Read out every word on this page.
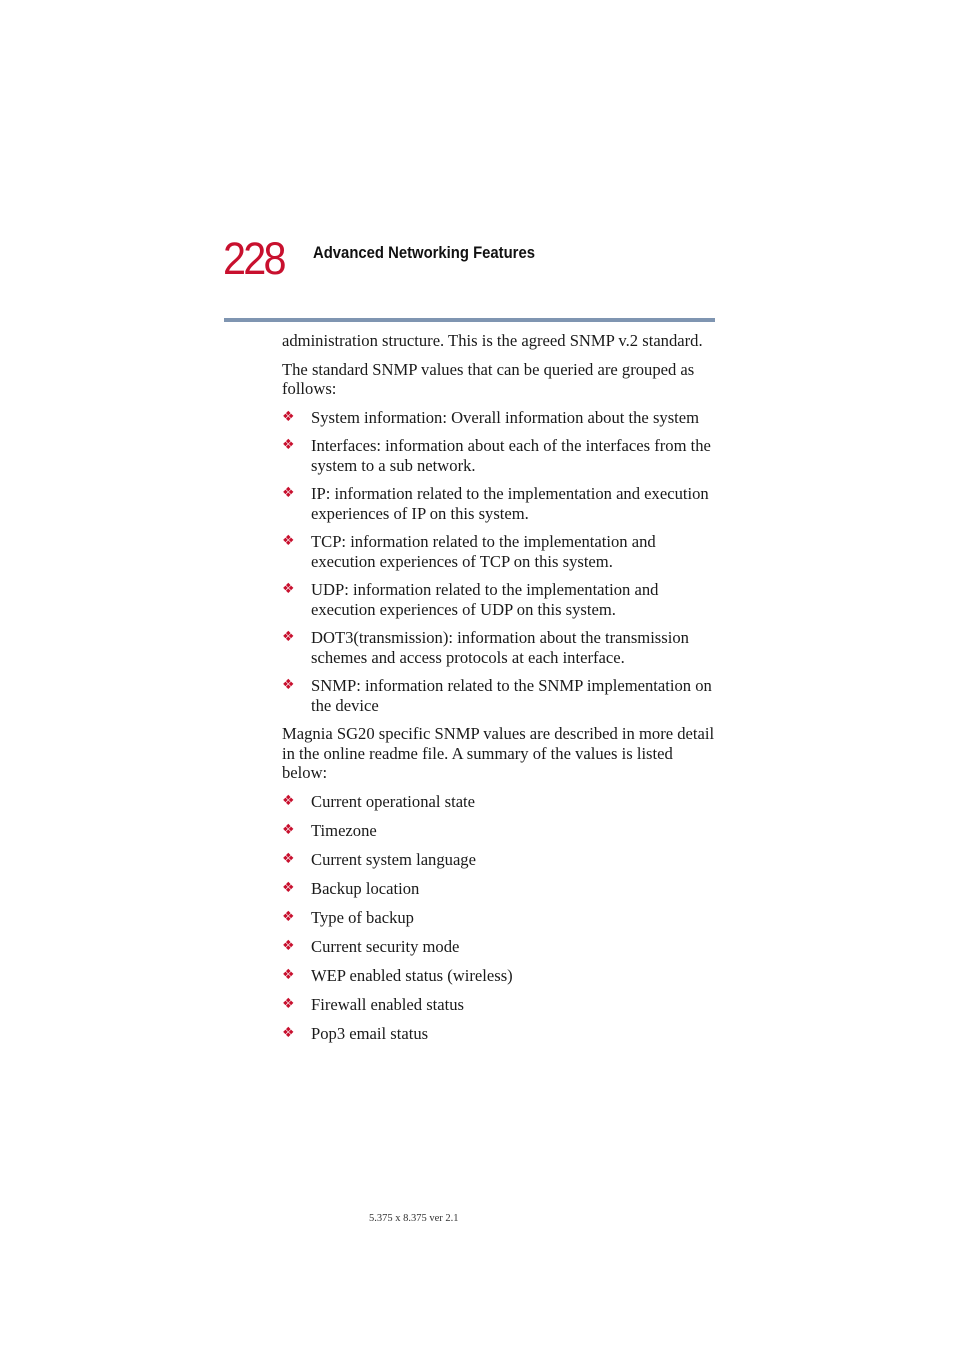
228 Advanced Networking Features

administration structure. This is the agreed SNMP v.2 standard.

The standard SNMP values that can be queried are grouped as follows:

❖ System information: Overall information about the system
❖ Interfaces: information about each of the interfaces from the system to a sub network.
❖ IP: information related to the implementation and execution experiences of IP on this system.
❖ TCP: information related to the implementation and execution experiences of TCP on this system.
❖ UDP: information related to the implementation and execution experiences of UDP on this system.
❖ DOT3(transmission): information about the transmission schemes and access protocols at each interface.
❖ SNMP: information related to the SNMP implementation on the device

Magnia SG20 specific SNMP values are described in more detail in the online readme file. A summary of the values is listed below:

❖ Current operational state
❖ Timezone
❖ Current system language
❖ Backup location
❖ Type of backup
❖ Current security mode
❖ WEP enabled status (wireless)
❖ Firewall enabled status
❖ Pop3 email status
5.375 x 8.375 ver 2.1
